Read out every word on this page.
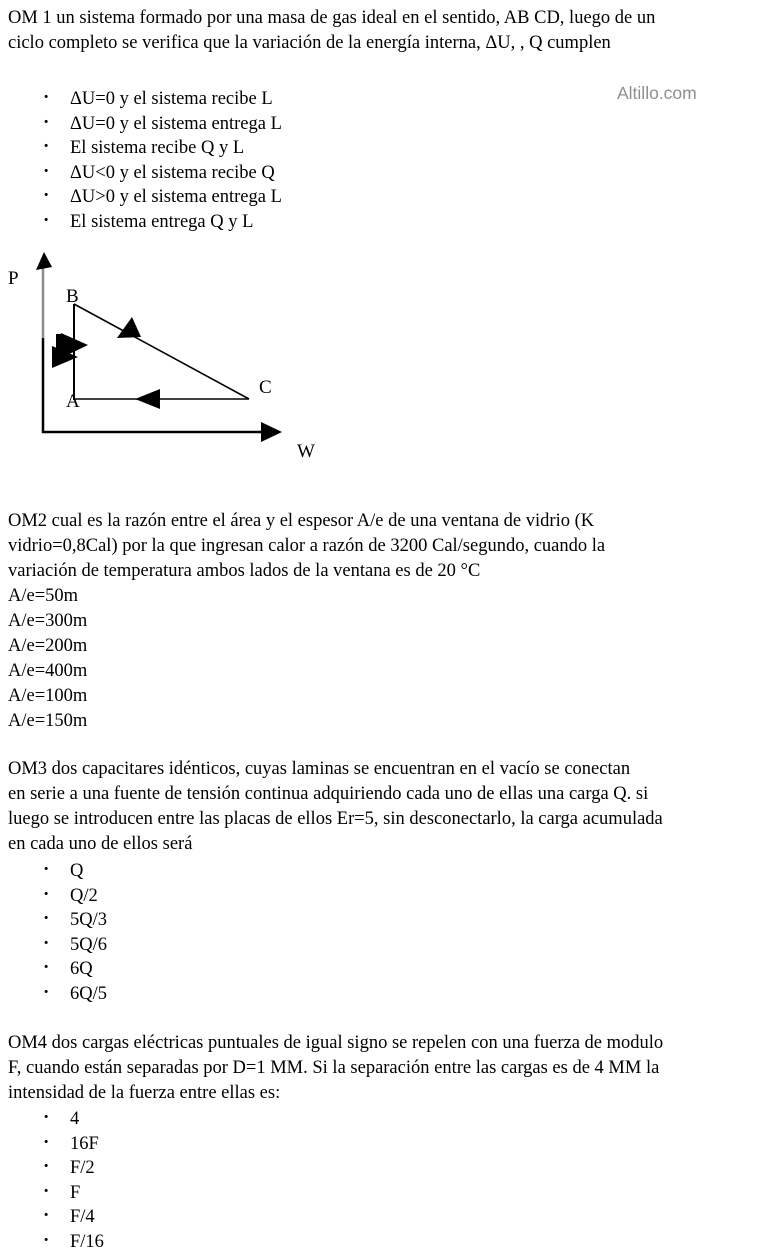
OM 1 un sistema formado por una masa de gas ideal en el sentido, AB CD, luego de un
ciclo completo se verifica que la variación de la energía interna, ΔU, , Q cumplen
Altillo.com
· ΔU=0 y el sistema recibe L
· ΔU=0 y el sistema entrega L
· El sistema recibe Q y L
· ΔU<0 y el sistema recibe Q
· ΔU>0 y el sistema entrega L
· El sistema entrega Q y L
P
W
B
A
C
OM2 cual es la razón entre el área y el espesor A/e de una ventana de vidrio (K
vidrio=0,8Cal) por la que ingresan calor a razón de 3200 Cal/segundo, cuando la
variación de temperatura ambos lados de la ventana es de 20 °C
A/e=50m
A/e=300m
A/e=200m
A/e=400m
A/e=100m
A/e=150m
OM3 dos capacitares idénticos, cuyas laminas se encuentran en el vacío se conectan
en serie a una fuente de tensión continua adquiriendo cada uno de ellas una carga Q. si
luego se introducen entre las placas de ellos Er=5, sin desconectarlo, la carga acumulada
en cada uno de ellos será
· Q
· Q/2
· 5Q/3
· 5Q/6
· 6Q
· 6Q/5
OM4 dos cargas eléctricas puntuales de igual signo se repelen con una fuerza de modulo
F, cuando están separadas por D=1 MM. Si la separación entre las cargas es de 4 MM la
intensidad de la fuerza entre ellas es:
· 4
· 16F
· F/2
· F
· F/4
· F/16
